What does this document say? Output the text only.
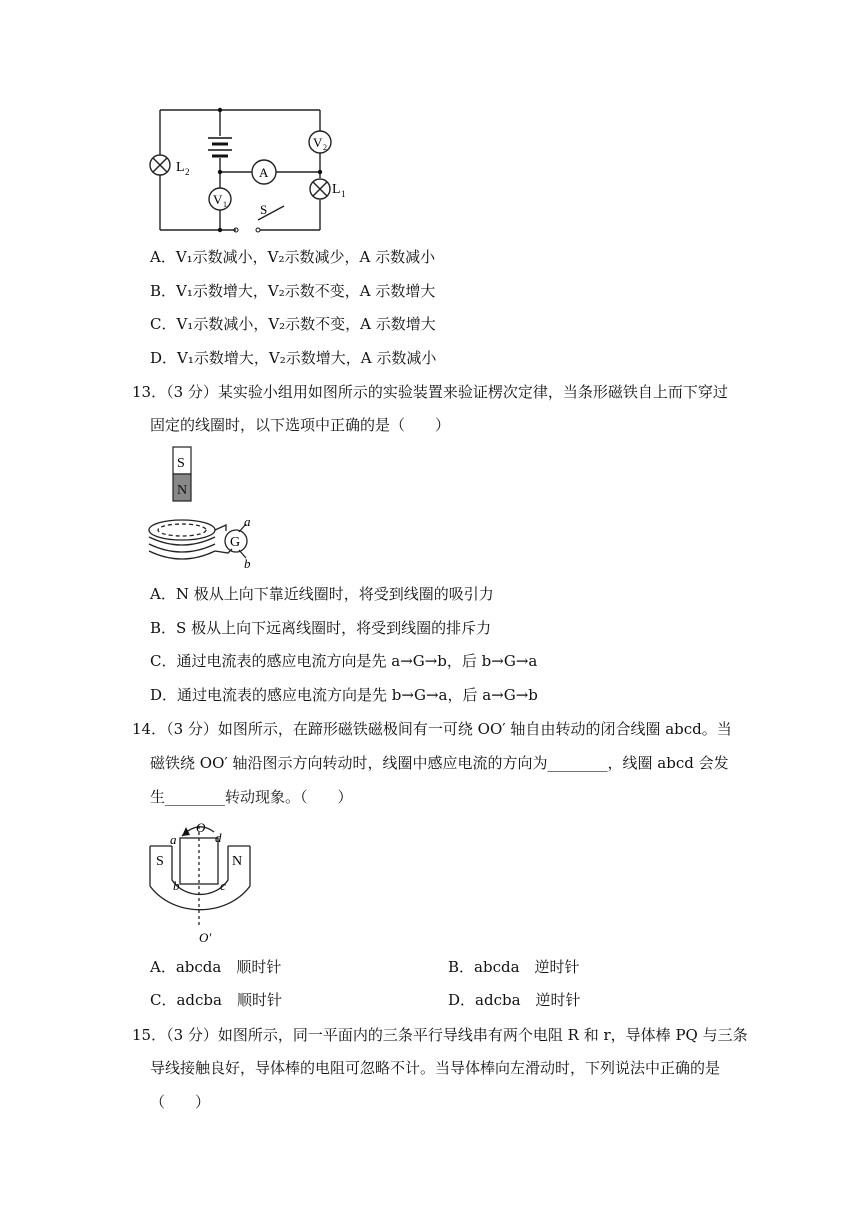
L 2
L 1
V 2
V 1
A
S
A．V₁示数减小，V₂示数减少，A 示数减小
B．V₁示数增大，V₂示数不变，A 示数增大
C．V₁示数减小，V₂示数不变，A 示数增大
D．V₁示数增大，V₂示数增大，A 示数减小
13．（3 分）某实验小组用如图所示的实验装置来验证楞次定律，当条形磁铁自上而下穿过
固定的线圈时，以下选项中正确的是（　　）
S
N
G
a
b
A．N 极从上向下靠近线圈时，将受到线圈的吸引力
B．S 极从上向下远离线圈时，将受到线圈的排斥力
C．通过电流表的感应电流方向是先 a→G→b，后 b→G→a
D．通过电流表的感应电流方向是先 b→G→a，后 a→G→b
14．（3 分）如图所示，在蹄形磁铁磁极间有一可绕 OO′ 轴自由转动的闭合线圈 abcd。当
磁铁绕 OO′ 轴沿图示方向转动时，线圈中感应电流的方向为________，线圈 abcd 会发
生________转动现象。（　　）
S	N
O
O′
a
b	c
d
A．abcda　顺时针	B．abcda　逆时针
C．adcba　顺时针	D．adcba　逆时针
15．（3 分）如图所示，同一平面内的三条平行导线串有两个电阻 R 和 r，导体棒 PQ 与三条
导线接触良好，导体棒的电阻可忽略不计。当导体棒向左滑动时，下列说法中正确的是
（　　）
